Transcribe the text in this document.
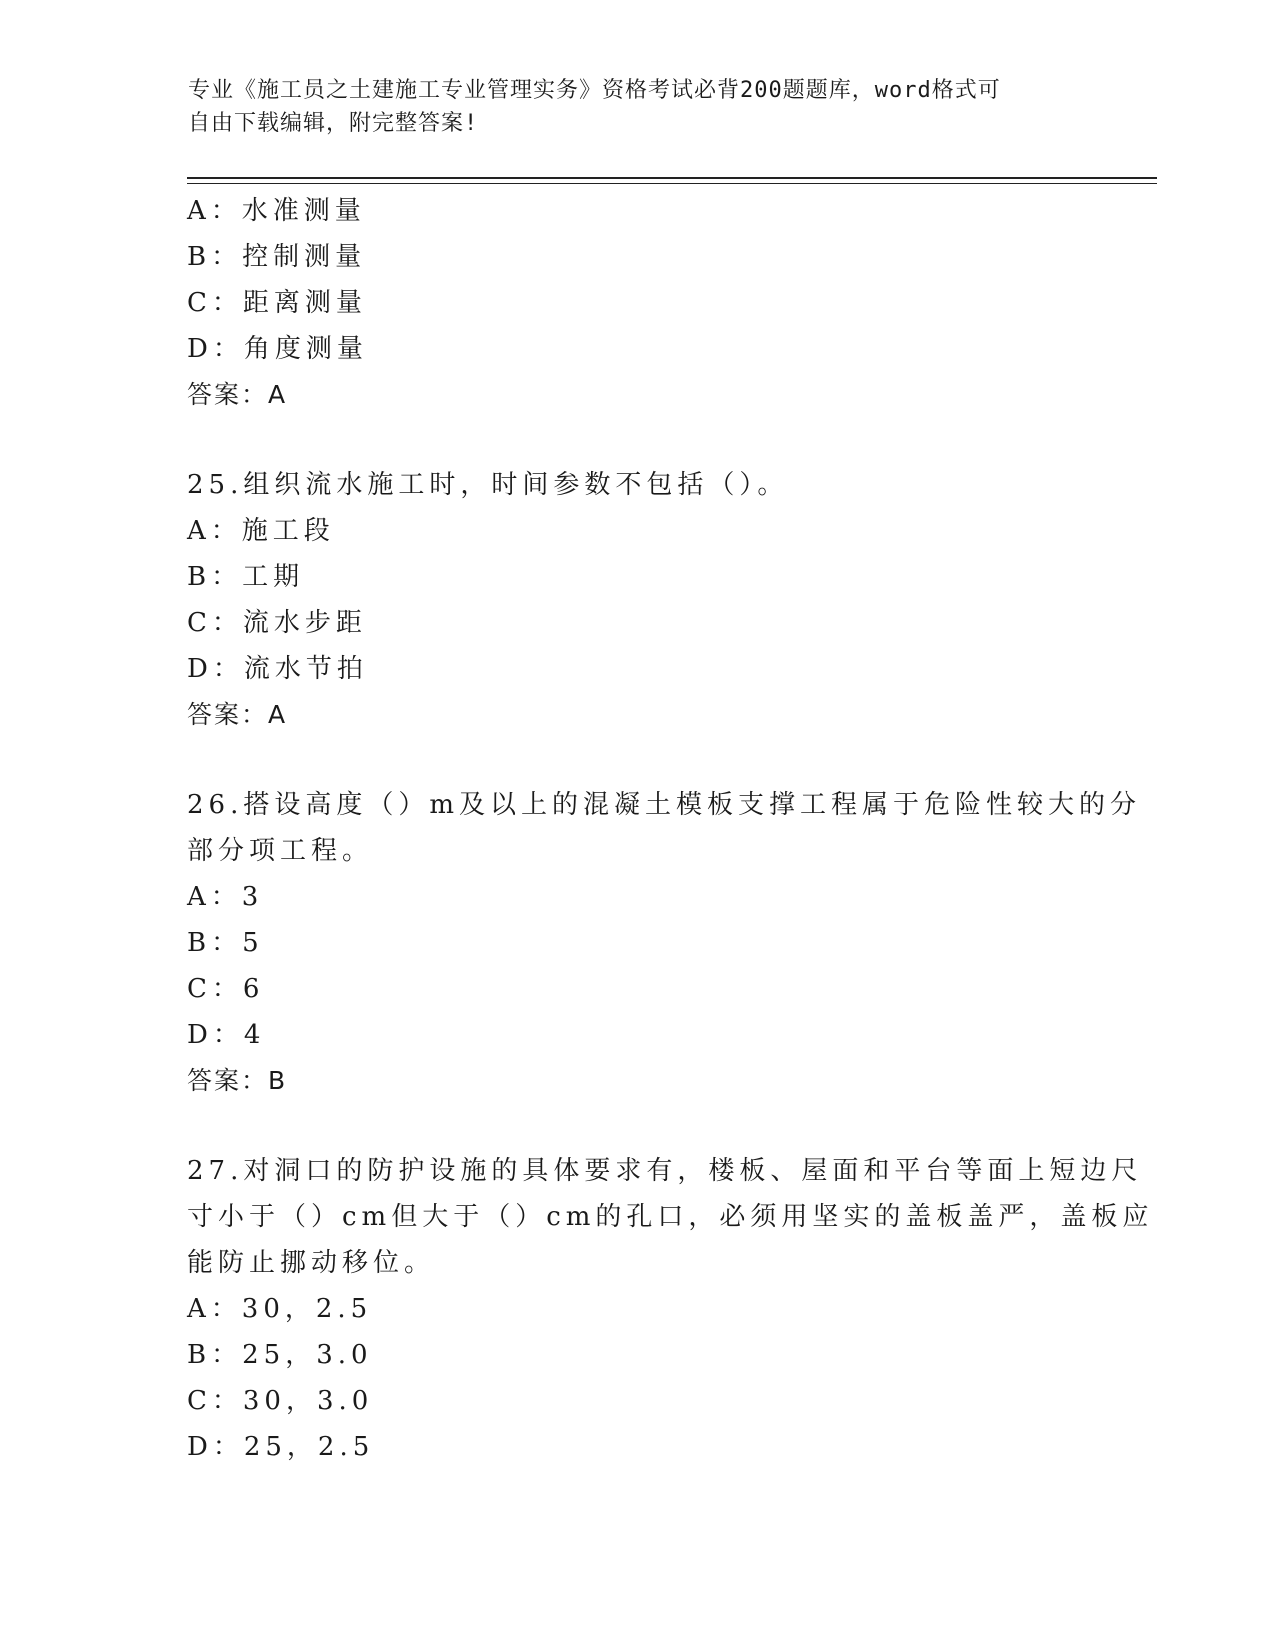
专业《施工员之土建施工专业管理实务》资格考试必背200题题库，word格式可
自由下载编辑，附完整答案!
A：水准测量
B：控制测量
C：距离测量
D：角度测量
答案：A
25.组织流水施工时，时间参数不包括（）。
A：施工段
B：工期
C：流水步距
D：流水节拍
答案：A
26.搭设高度（）m及以上的混凝土模板支撑工程属于危险性较大的分
部分项工程。
A：3
B：5
C：6
D：4
答案：B
27.对洞口的防护设施的具体要求有，楼板、屋面和平台等面上短边尺
寸小于（）cm但大于（）cm的孔口，必须用坚实的盖板盖严，盖板应
能防止挪动移位。
A：30，2.5
B：25，3.0
C：30，3.0
D：25，2.5
